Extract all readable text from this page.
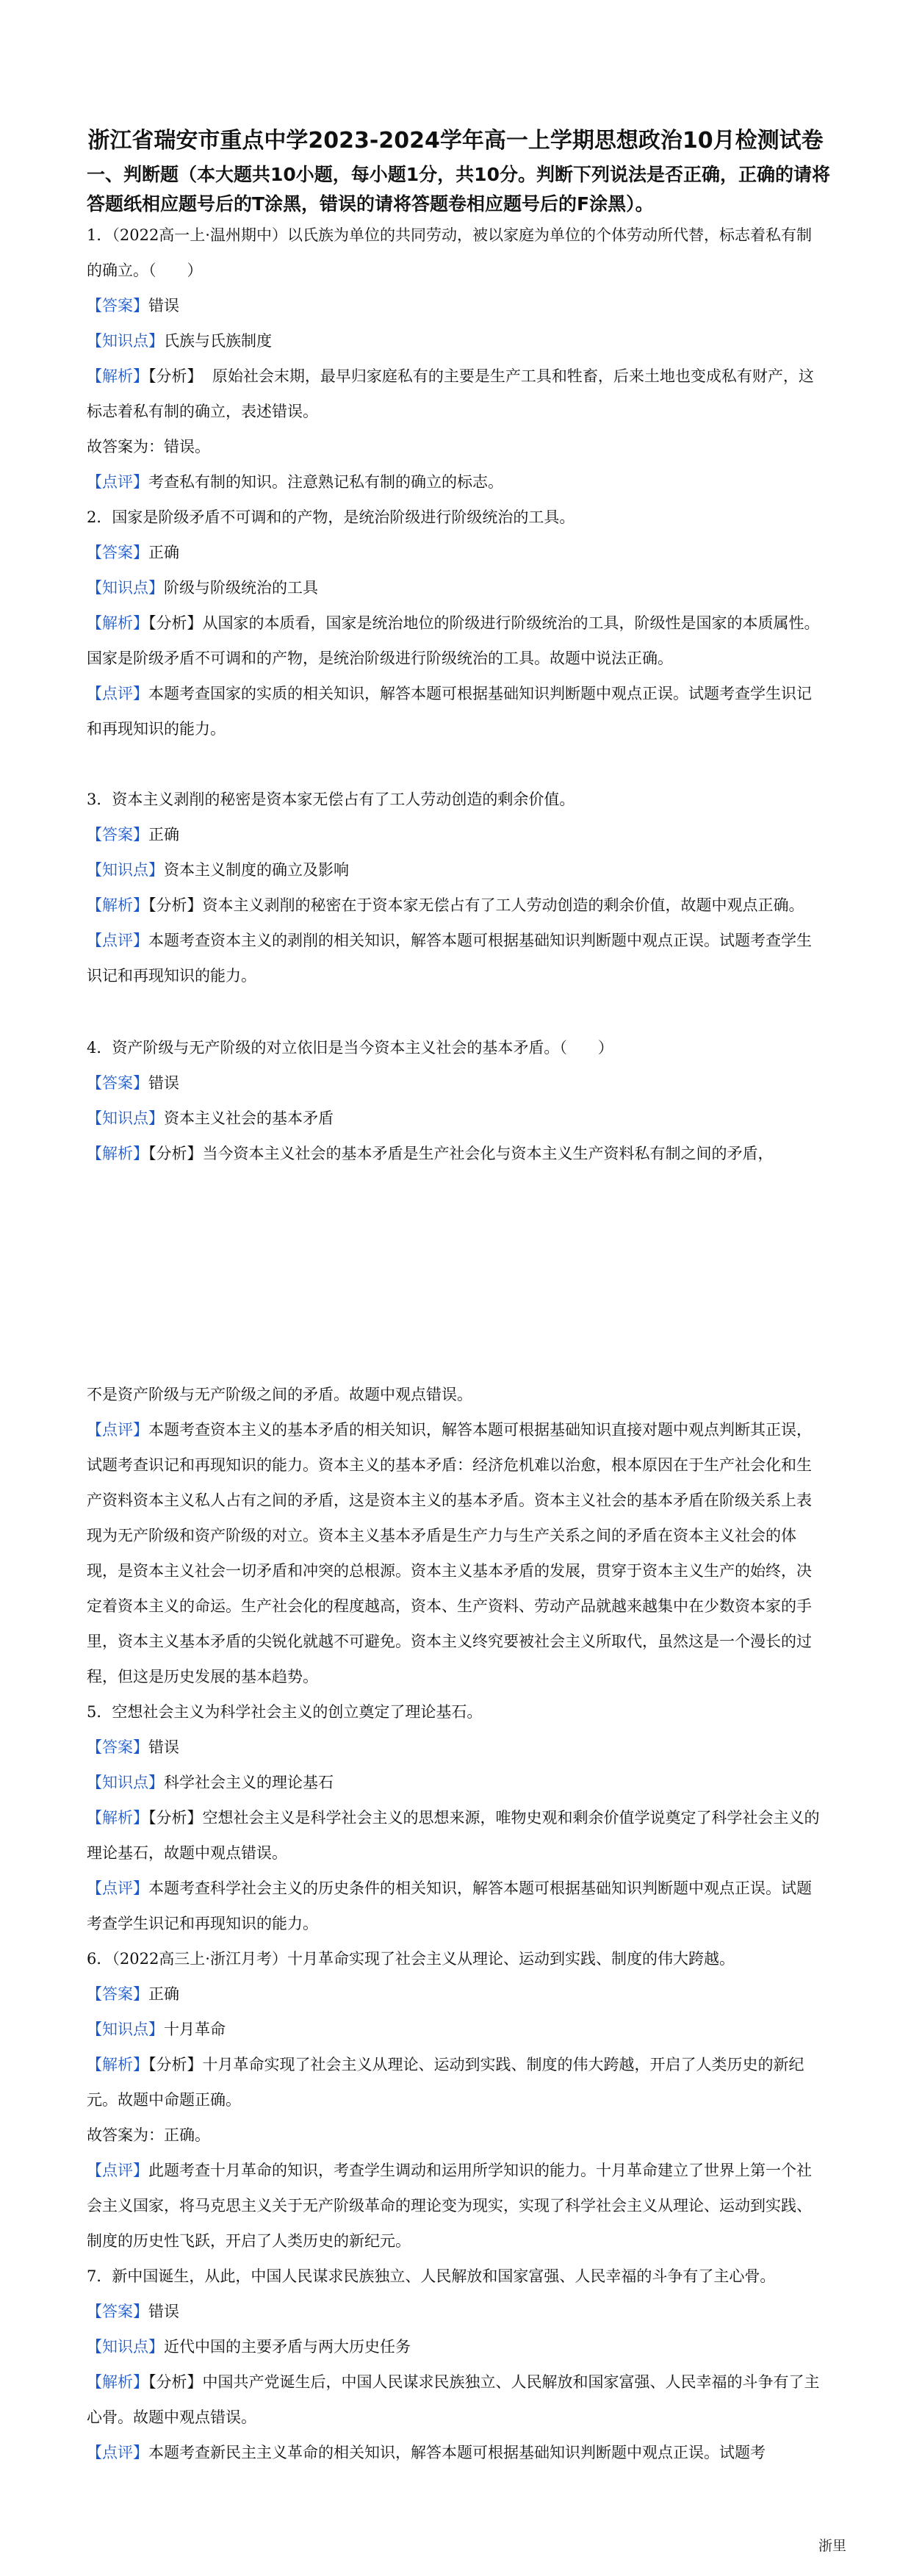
浙江省瑞安市重点中学2023-2024学年高一上学期思想政治10月检测试卷

一、判断题（本大题共10小题，每小题1分，共10分。判断下列说法是否正确，正确的请将答题纸相应题号后的T涂黑，错误的请将答题卷相应题号后的F涂黑）。

1．（2022高一上·温州期中）以氏族为单位的共同劳动，被以家庭为单位的个体劳动所代替，标志着私有制的确立。（　　）

【答案】错误

【知识点】氏族与氏族制度

【解析】【分析】 原始社会末期，最早归家庭私有的主要是生产工具和牲畜，后来土地也变成私有财产，这标志着私有制的确立，表述错误。

故答案为：错误。

【点评】考查私有制的知识。注意熟记私有制的确立的标志。

2．国家是阶级矛盾不可调和的产物，是统治阶级进行阶级统治的工具。

【答案】正确

【知识点】阶级与阶级统治的工具

【解析】【分析】从国家的本质看，国家是统治地位的阶级进行阶级统治的工具，阶级性是国家的本质属性。国家是阶级矛盾不可调和的产物，是统治阶级进行阶级统治的工具。故题中说法正确。

【点评】本题考查国家的实质的相关知识，解答本题可根据基础知识判断题中观点正误。试题考查学生识记和再现知识的能力。

3．资本主义剥削的秘密是资本家无偿占有了工人劳动创造的剩余价值。

【答案】正确

【知识点】资本主义制度的确立及影响

【解析】【分析】资本主义剥削的秘密在于资本家无偿占有了工人劳动创造的剩余价值，故题中观点正确。

【点评】本题考查资本主义的剥削的相关知识，解答本题可根据基础知识判断题中观点正误。试题考查学生识记和再现知识的能力。

4．资产阶级与无产阶级的对立依旧是当今资本主义社会的基本矛盾。（　　）

【答案】错误

【知识点】资本主义社会的基本矛盾

【解析】【分析】当今资本主义社会的基本矛盾是生产社会化与资本主义生产资料私有制之间的矛盾，

不是资产阶级与无产阶级之间的矛盾。故题中观点错误。

【点评】本题考查资本主义的基本矛盾的相关知识，解答本题可根据基础知识直接对题中观点判断其正误，试题考查识记和再现知识的能力。资本主义的基本矛盾：经济危机难以治愈，根本原因在于生产社会化和生产资料资本主义私人占有之间的矛盾，这是资本主义的基本矛盾。资本主义社会的基本矛盾在阶级关系上表现为无产阶级和资产阶级的对立。资本主义基本矛盾是生产力与生产关系之间的矛盾在资本主义社会的体现，是资本主义社会一切矛盾和冲突的总根源。资本主义基本矛盾的发展，贯穿于资本主义生产的始终，决定着资本主义的命运。生产社会化的程度越高，资本、生产资料、劳动产品就越来越集中在少数资本家的手里，资本主义基本矛盾的尖锐化就越不可避免。资本主义终究要被社会主义所取代，虽然这是一个漫长的过程，但这是历史发展的基本趋势。

5．空想社会主义为科学社会主义的创立奠定了理论基石。

【答案】错误

【知识点】科学社会主义的理论基石

【解析】【分析】空想社会主义是科学社会主义的思想来源，唯物史观和剩余价值学说奠定了科学社会主义的理论基石，故题中观点错误。

【点评】本题考查科学社会主义的历史条件的相关知识，解答本题可根据基础知识判断题中观点正误。试题考查学生识记和再现知识的能力。

6．（2022高三上·浙江月考）十月革命实现了社会主义从理论、运动到实践、制度的伟大跨越。

【答案】正确

【知识点】十月革命

【解析】【分析】十月革命实现了社会主义从理论、运动到实践、制度的伟大跨越，开启了人类历史的新纪元。故题中命题正确。

故答案为：正确。

【点评】此题考查十月革命的知识，考查学生调动和运用所学知识的能力。十月革命建立了世界上第一个社会主义国家，将马克思主义关于无产阶级革命的理论变为现实，实现了科学社会主义从理论、运动到实践、制度的历史性飞跃，开启了人类历史的新纪元。

7．新中国诞生，从此，中国人民谋求民族独立、人民解放和国家富强、人民幸福的斗争有了主心骨。

【答案】错误

【知识点】近代中国的主要矛盾与两大历史任务

【解析】【分析】中国共产党诞生后，中国人民谋求民族独立、人民解放和国家富强、人民幸福的斗争有了主心骨。故题中观点错误。

【点评】本题考查新民主主义革命的相关知识，解答本题可根据基础知识判断题中观点正误。试题考

浙里
